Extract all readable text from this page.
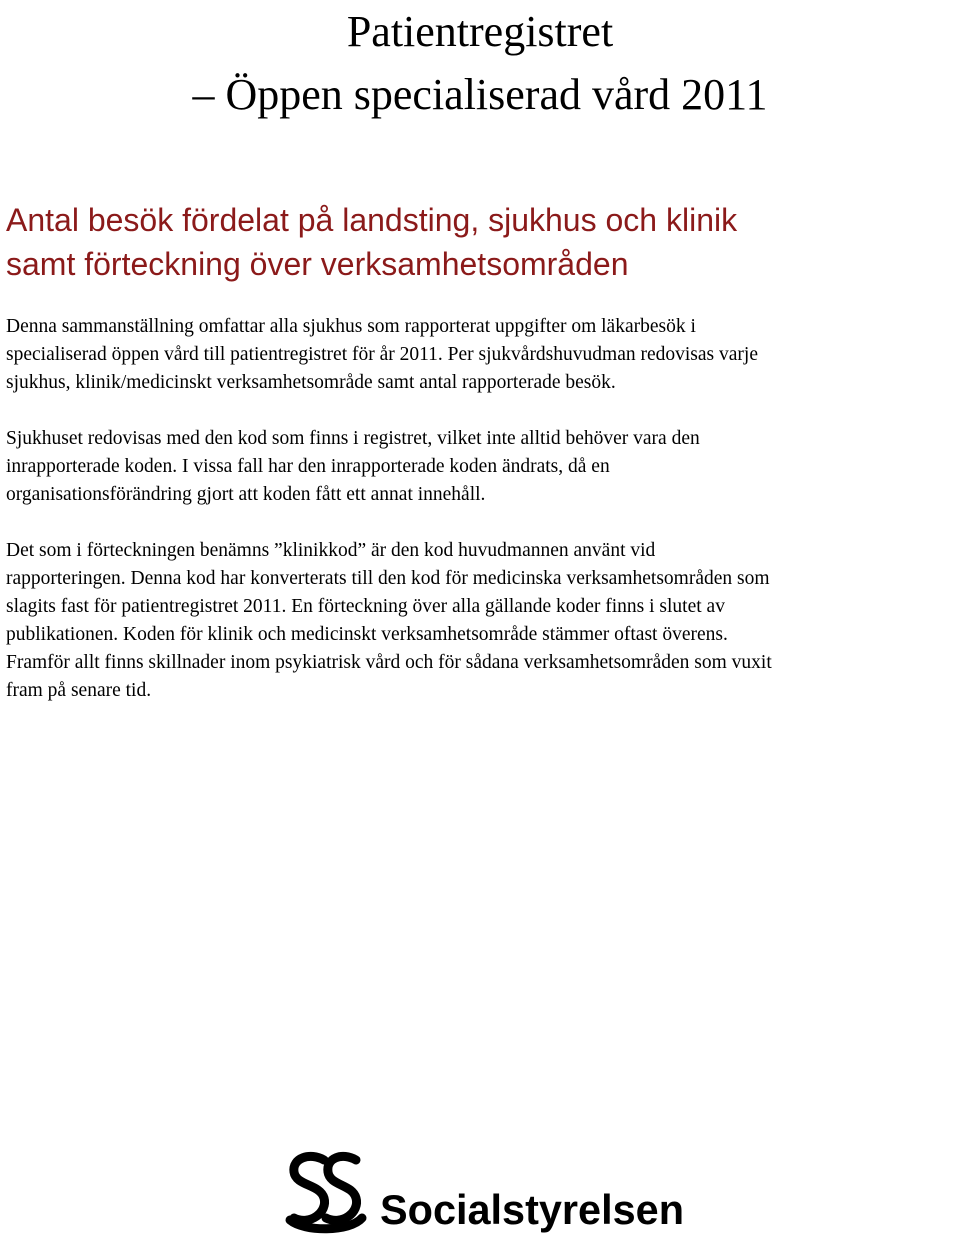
Patientregistret
– Öppen specialiserad vård 2011
Antal besök fördelat på landsting, sjukhus och klinik
samt förteckning över verksamhetsområden

Denna sammanställning omfattar alla sjukhus som rapporterat uppgifter om läkarbesök i
specialiserad öppen vård till patientregistret för år 2011. Per sjukvårdshuvudman redovisas varje
sjukhus, klinik/medicinskt verksamhetsområde samt antal rapporterade besök.

Sjukhuset redovisas med den kod som finns i registret, vilket inte alltid behöver vara den
inrapporterade koden. I vissa fall har den inrapporterade koden ändrats, då en
organisationsförändring gjort att koden fått ett annat innehåll.

Det som i förteckningen benämns ”klinikkod” är den kod huvudmannen använt vid
rapporteringen. Denna kod har konverterats till den kod för medicinska verksamhetsområden som
slagits fast för patientregistret 2011. En förteckning över alla gällande koder finns i slutet av
publikationen. Koden för klinik och medicinskt verksamhetsområde stämmer oftast överens.
Framför allt finns skillnader inom psykiatrisk vård och för sådana verksamhetsområden som vuxit
fram på senare tid.

Socialstyrelsen
